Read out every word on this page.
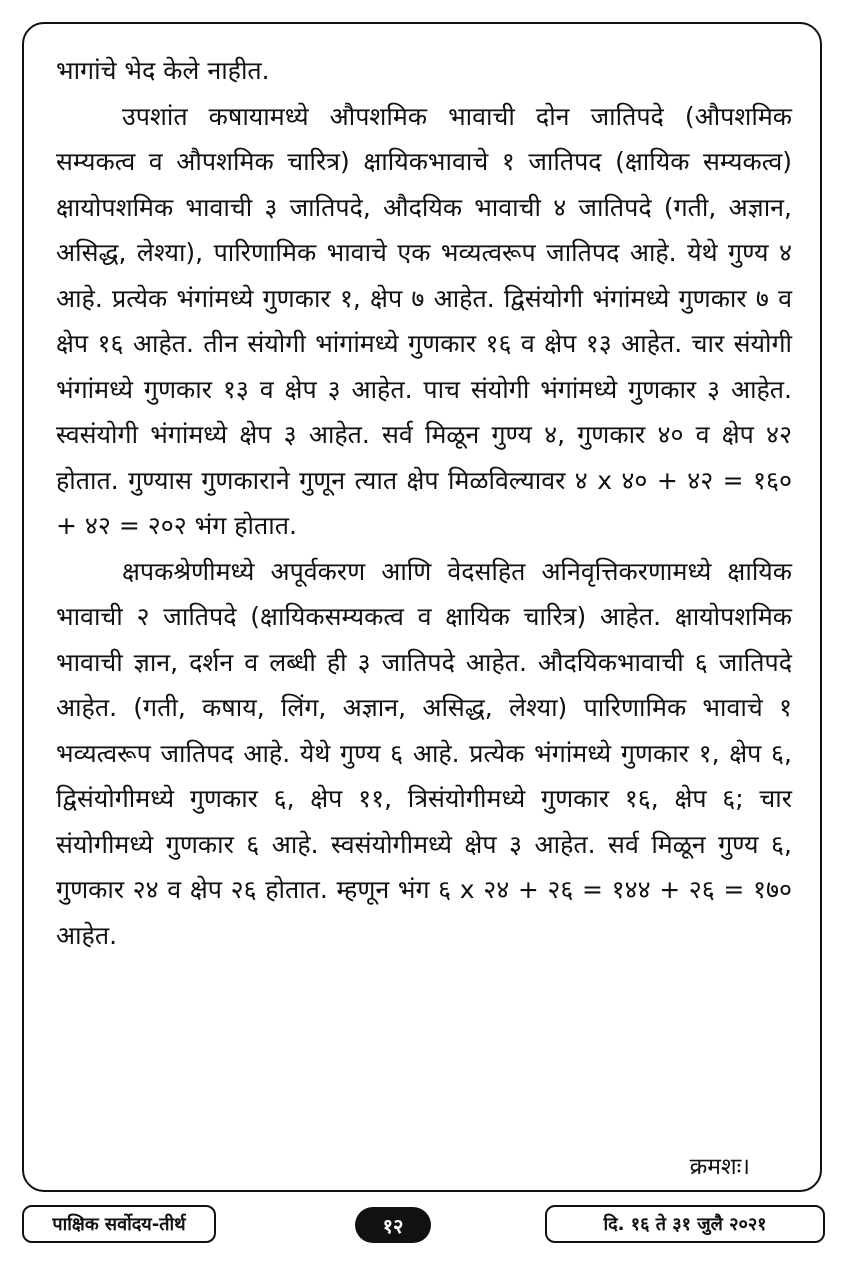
भागांचे भेद केले नाहीत.

उपशांत कषायामध्ये औपशमिक भावाची दोन जातिपदे (औपशमिक सम्यकत्व व औपशमिक चारित्र) क्षायिकभावाचे १ जातिपद (क्षायिक सम्यकत्व) क्षायोपशमिक भावाची ३ जातिपदे, औदयिक भावाची ४ जातिपदे (गती, अज्ञान, असिद्ध, लेश्या), पारिणामिक भावाचे एक भव्यत्वरूप जातिपद आहे. येथे गुण्य ४ आहे. प्रत्येक भंगांमध्ये गुणकार १, क्षेप ७ आहेत. द्विसंयोगी भंगांमध्ये गुणकार ७ व क्षेप १६ आहेत. तीन संयोगी भांगांमध्ये गुणकार १६ व क्षेप १३ आहेत. चार संयोगी भंगांमध्ये गुणकार १३ व क्षेप ३ आहेत. पाच संयोगी भंगांमध्ये गुणकार ३ आहेत. स्वसंयोगी भंगांमध्ये क्षेप ३ आहेत. सर्व मिळून गुण्य ४, गुणकार ४० व क्षेप ४२ होतात. गुण्यास गुणकाराने गुणून त्यात क्षेप मिळविल्यावर ४ x ४० + ४२ = १६० + ४२ = २०२ भंग होतात.

क्षपकश्रेणीमध्ये अपूर्वकरण आणि वेदसहित अनिवृत्तिकरणामध्ये क्षायिक भावाची २ जातिपदे (क्षायिकसम्यकत्व व क्षायिक चारित्र) आहेत. क्षायोपशमिक भावाची ज्ञान, दर्शन व लब्धी ही ३ जातिपदे आहेत. औदयिकभावाची ६ जातिपदे आहेत. (गती, कषाय, लिंग, अज्ञान, असिद्ध, लेश्या) पारिणामिक भावाचे १ भव्यत्वरूप जातिपद आहे. येथे गुण्य ६ आहे. प्रत्येक भंगांमध्ये गुणकार १, क्षेप ६, द्विसंयोगीमध्ये गुणकार ६, क्षेप ११, त्रिसंयोगीमध्ये गुणकार १६, क्षेप ६; चार संयोगीमध्ये गुणकार ६ आहे. स्वसंयोगीमध्ये क्षेप ३ आहेत. सर्व मिळून गुण्य ६, गुणकार २४ व क्षेप २६ होतात. म्हणून भंग ६ x २४ + २६ = १४४ + २६ = १७० आहेत.

क्रमशः।
पाक्षिक सर्वोदय-तीर्थ	१२	दि. १६ ते ३१ जुलै २०२१
